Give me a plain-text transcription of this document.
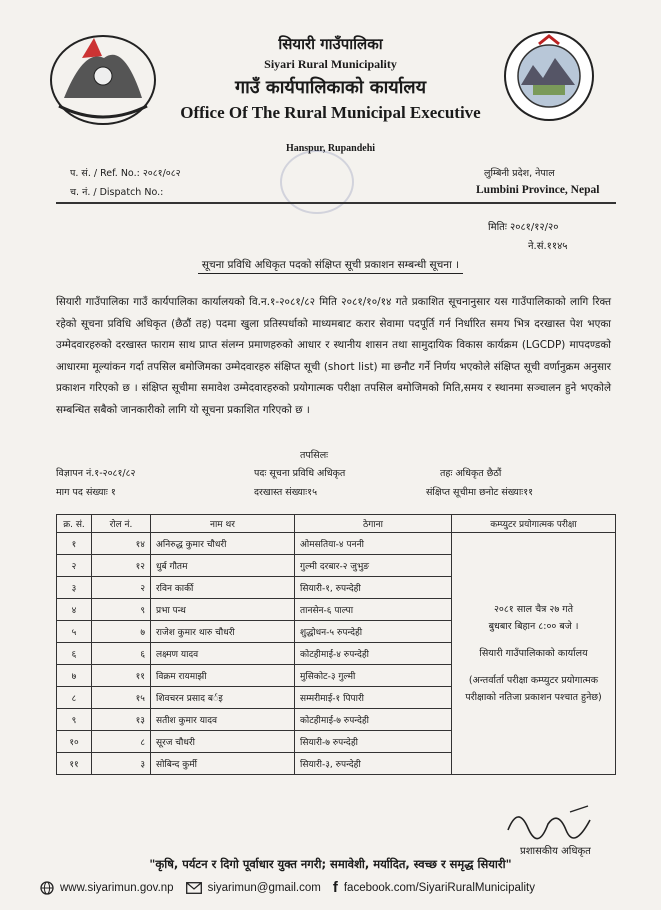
सियारी गाउँपालिका
Siyari Rural Municipality
गाउँ कार्यपालिकाको कार्यालय
Office Of The Rural Municipal Executive
Hanspur, Rupandehi
प. सं. / Ref. No.: २०८१/०८२
च. नं. / Dispatch No.:
लुम्बिनी प्रदेश, नेपाल
Lumbini Province, Nepal
मितिः २०८१/१२/२०
ने.सं.११४५
सूचना प्रविधि अधिकृत पदको संक्षिप्त सूची प्रकाशन सम्बन्धी सूचना ।
सियारी गाउँपालिका गाउँ कार्यपालिका कार्यालयको वि.न.१-२०८१/८२ मिति २०८१/१०/१४ गते प्रकाशित सूचनानुसार यस गाउँपालिकाको लागि रिक्त रहेको सूचना प्रविधि अधिकृत (छैठौं तह) पदमा खुला प्रतिस्पर्धाको माध्यमबाट करार सेवामा पदपूर्ति गर्न निर्धारित समय भित्र दरखास्त पेश भएका उम्मेदवारहरुको दरखास्त फाराम साथ प्राप्त संलग्न प्रमाणहरुको आधार र स्थानीय शासन तथा सामुदायिक विकास कार्यक्रम (LGCDP) मापदण्डको आधारमा मूल्यांकन गर्दा तपसिल बमोजिमका उम्मेदवारहरु संक्षिप्त सूची (short list) मा छनौट गर्ने निर्णय भएकोले संक्षिप्त सूची वर्णानुक्रम अनुसार प्रकाशन गरिएको छ । संक्षिप्त सूचीमा समावेश उम्मेदवारहरुको प्रयोगात्मक परीक्षा तपसिल बमोजिमको मिति,समय र स्थानमा सञ्चालन हुने भएकोले सम्बन्धित सबैको जानकारीको लागि यो सूचना प्रकाशित गरिएको छ ।
तपसिलः
विज्ञापन नं.१-२०८१/८२
माग पद संख्याः १
पदः सूचना प्रविधि अधिकृत
दरखास्त संख्याः१५
तहः अधिकृत छैठौं
संक्षिप्त सूचीमा छनोट संख्याः११
क्र. सं.	रोल नं.	नाम थर	ठेगाना	कम्प्युटर प्रयोगात्मक परीक्षा
१	१४	अनिरुद्ध कुमार चौधरी	ओमसतिया-४ पननी	२०८१ साल चैत्र २७ गते
बुधबार बिहान ८:०० बजे ।
सियारी गाउँपालिकाको कार्यालय
(अन्तर्वार्ता परीक्षा कम्प्युटर प्रयोगात्मक परीक्षाको नतिजा प्रकाशन पश्चात हुनेछ)

२	१२	धुर्ब गौतम	गुल्मी दरबार-२ जुभुङ	
३	२	रविन कार्की	सियारी-१, रुपन्देही	
४	९	प्रभा पन्थ	तानसेन-६ पाल्पा	
५	७	राजेश कुमार थारु चौधरी	शुद्धोधन-५ रुपन्देही	
६	६	लक्ष्मण यादव	कोटहीमाई-४ रुपन्देही	
७	११	विक्रम रायमाझी	मुसिकोट-३ गुल्मी	
८	१५	शिवचरन प्रसाद बर्इ	सम्मरीमाई-१ पिपारी	
९	१३	सतीश कुमार यादव	कोटहीमाई-७ रुपन्देही	
१०	८	सूरज चौधरी	सियारी-७ रुपन्देही	
११	३	सोबिन्द कुर्मी	सियारी-३, रुपन्देही	
प्रशासकीय अधिकृत
"कृषि, पर्यटन र दिगो पूर्वाधार युक्त नगरी; समावेशी, मर्यादित, स्वच्छ र समृद्ध सियारी"
www.siyarimun.gov.np	siyarimun@gmail.com f facebook.com/SiyariRuralMunicipality
